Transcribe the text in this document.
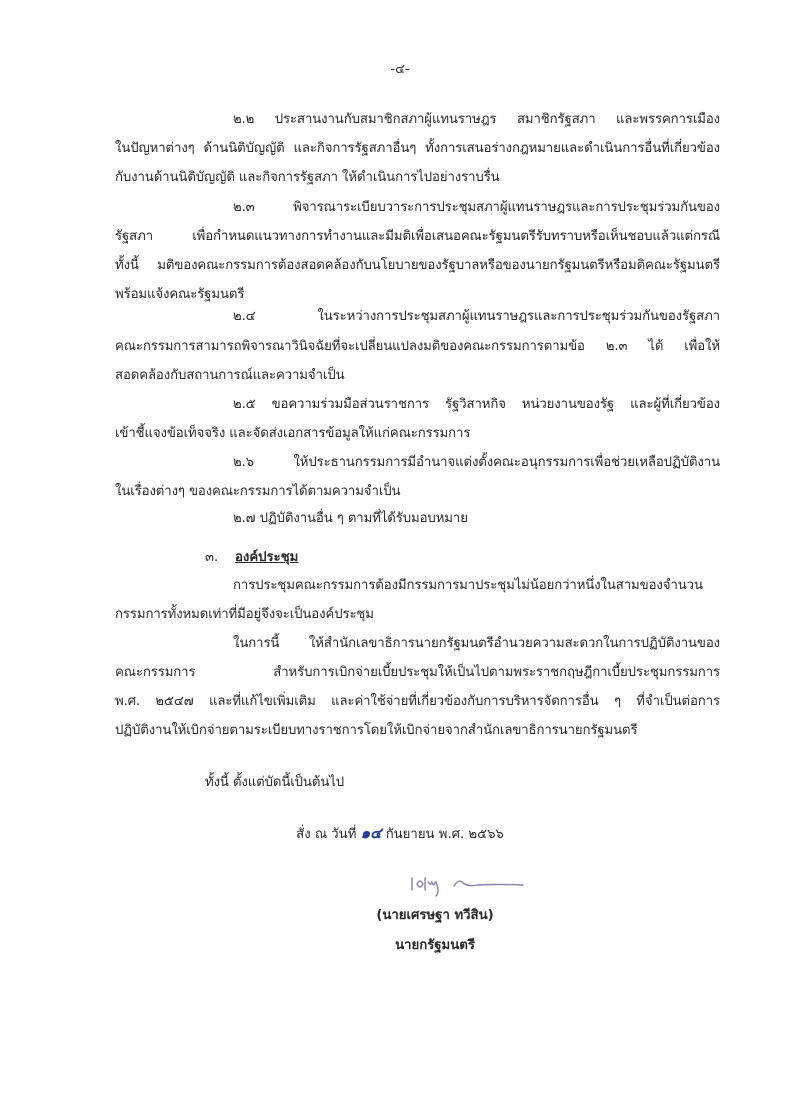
-๔-
๒.๒ ประสานงานกับสมาชิกสภาผู้แทนราษฎร สมาชิกรัฐสภา และพรรคการเมือง
ในปัญหาต่างๆ ด้านนิติบัญญัติ และกิจการรัฐสภาอื่นๆ ทั้งการเสนอร่างกฎหมายและดำเนินการอื่นที่เกี่ยวข้อง
กับงานด้านนิติบัญญัติ และกิจการรัฐสภา ให้ดำเนินการไปอย่างราบรื่น
๒.๓ พิจารณาระเบียบวาระการประชุมสภาผู้แทนราษฎรและการประชุมร่วมกันของ
รัฐสภา เพื่อกำหนดแนวทางการทำงานและมีมติเพื่อเสนอคณะรัฐมนตรีรับทราบหรือเห็นชอบแล้วแต่กรณี
ทั้งนี้ มติของคณะกรรมการต้องสอดคล้องกับนโยบายของรัฐบาลหรือของนายกรัฐมนตรีหรือมติคณะรัฐมนตรี
พร้อมแจ้งคณะรัฐมนตรี
๒.๔ ในระหว่างการประชุมสภาผู้แทนราษฎรและการประชุมร่วมกันของรัฐสภา
คณะกรรมการสามารถพิจารณาวินิจฉัยที่จะเปลี่ยนแปลงมติของคณะกรรมการตามข้อ ๒.๓ ได้ เพื่อให้
สอดคล้องกับสถานการณ์และความจำเป็น
๒.๕ ขอความร่วมมือส่วนราชการ รัฐวิสาหกิจ หน่วยงานของรัฐ และผู้ที่เกี่ยวข้อง
เข้าชี้แจงข้อเท็จจริง และจัดส่งเอกสารข้อมูลให้แก่คณะกรรมการ
๒.๖ ให้ประธานกรรมการมีอำนาจแต่งตั้งคณะอนุกรรมการเพื่อช่วยเหลือปฏิบัติงาน
ในเรื่องต่างๆ ของคณะกรรมการได้ตามความจำเป็น
๒.๗ ปฏิบัติงานอื่น ๆ ตามที่ได้รับมอบหมาย
๓. องค์ประชุม
การประชุมคณะกรรมการต้องมีกรรมการมาประชุมไม่น้อยกว่าหนึ่งในสามของจำนวน
กรรมการทั้งหมดเท่าที่มีอยู่จึงจะเป็นองค์ประชุม
ในการนี้ ให้สำนักเลขาธิการนายกรัฐมนตรีอำนวยความสะดวกในการปฏิบัติงานของ
คณะกรรมการ สำหรับการเบิกจ่ายเบี้ยประชุมให้เป็นไปตามพระราชกฤษฎีกาเบี้ยประชุมกรรมการ
พ.ศ. ๒๕๔๗ และที่แก้ไขเพิ่มเติม และค่าใช้จ่ายที่เกี่ยวข้องกับการบริหารจัดการอื่น ๆ ที่จำเป็นต่อการ
ปฏิบัติงานให้เบิกจ่ายตามระเบียบทางราชการโดยให้เบิกจ่ายจากสำนักเลขาธิการนายกรัฐมนตรี
ทั้งนี้ ตั้งแต่บัดนี้เป็นต้นไป
สั่ง ณ วันที่ ๑๔ กันยายน พ.ศ. ๒๕๖๖
(นายเศรษฐา ทวีสิน)
นายกรัฐมนตรี
